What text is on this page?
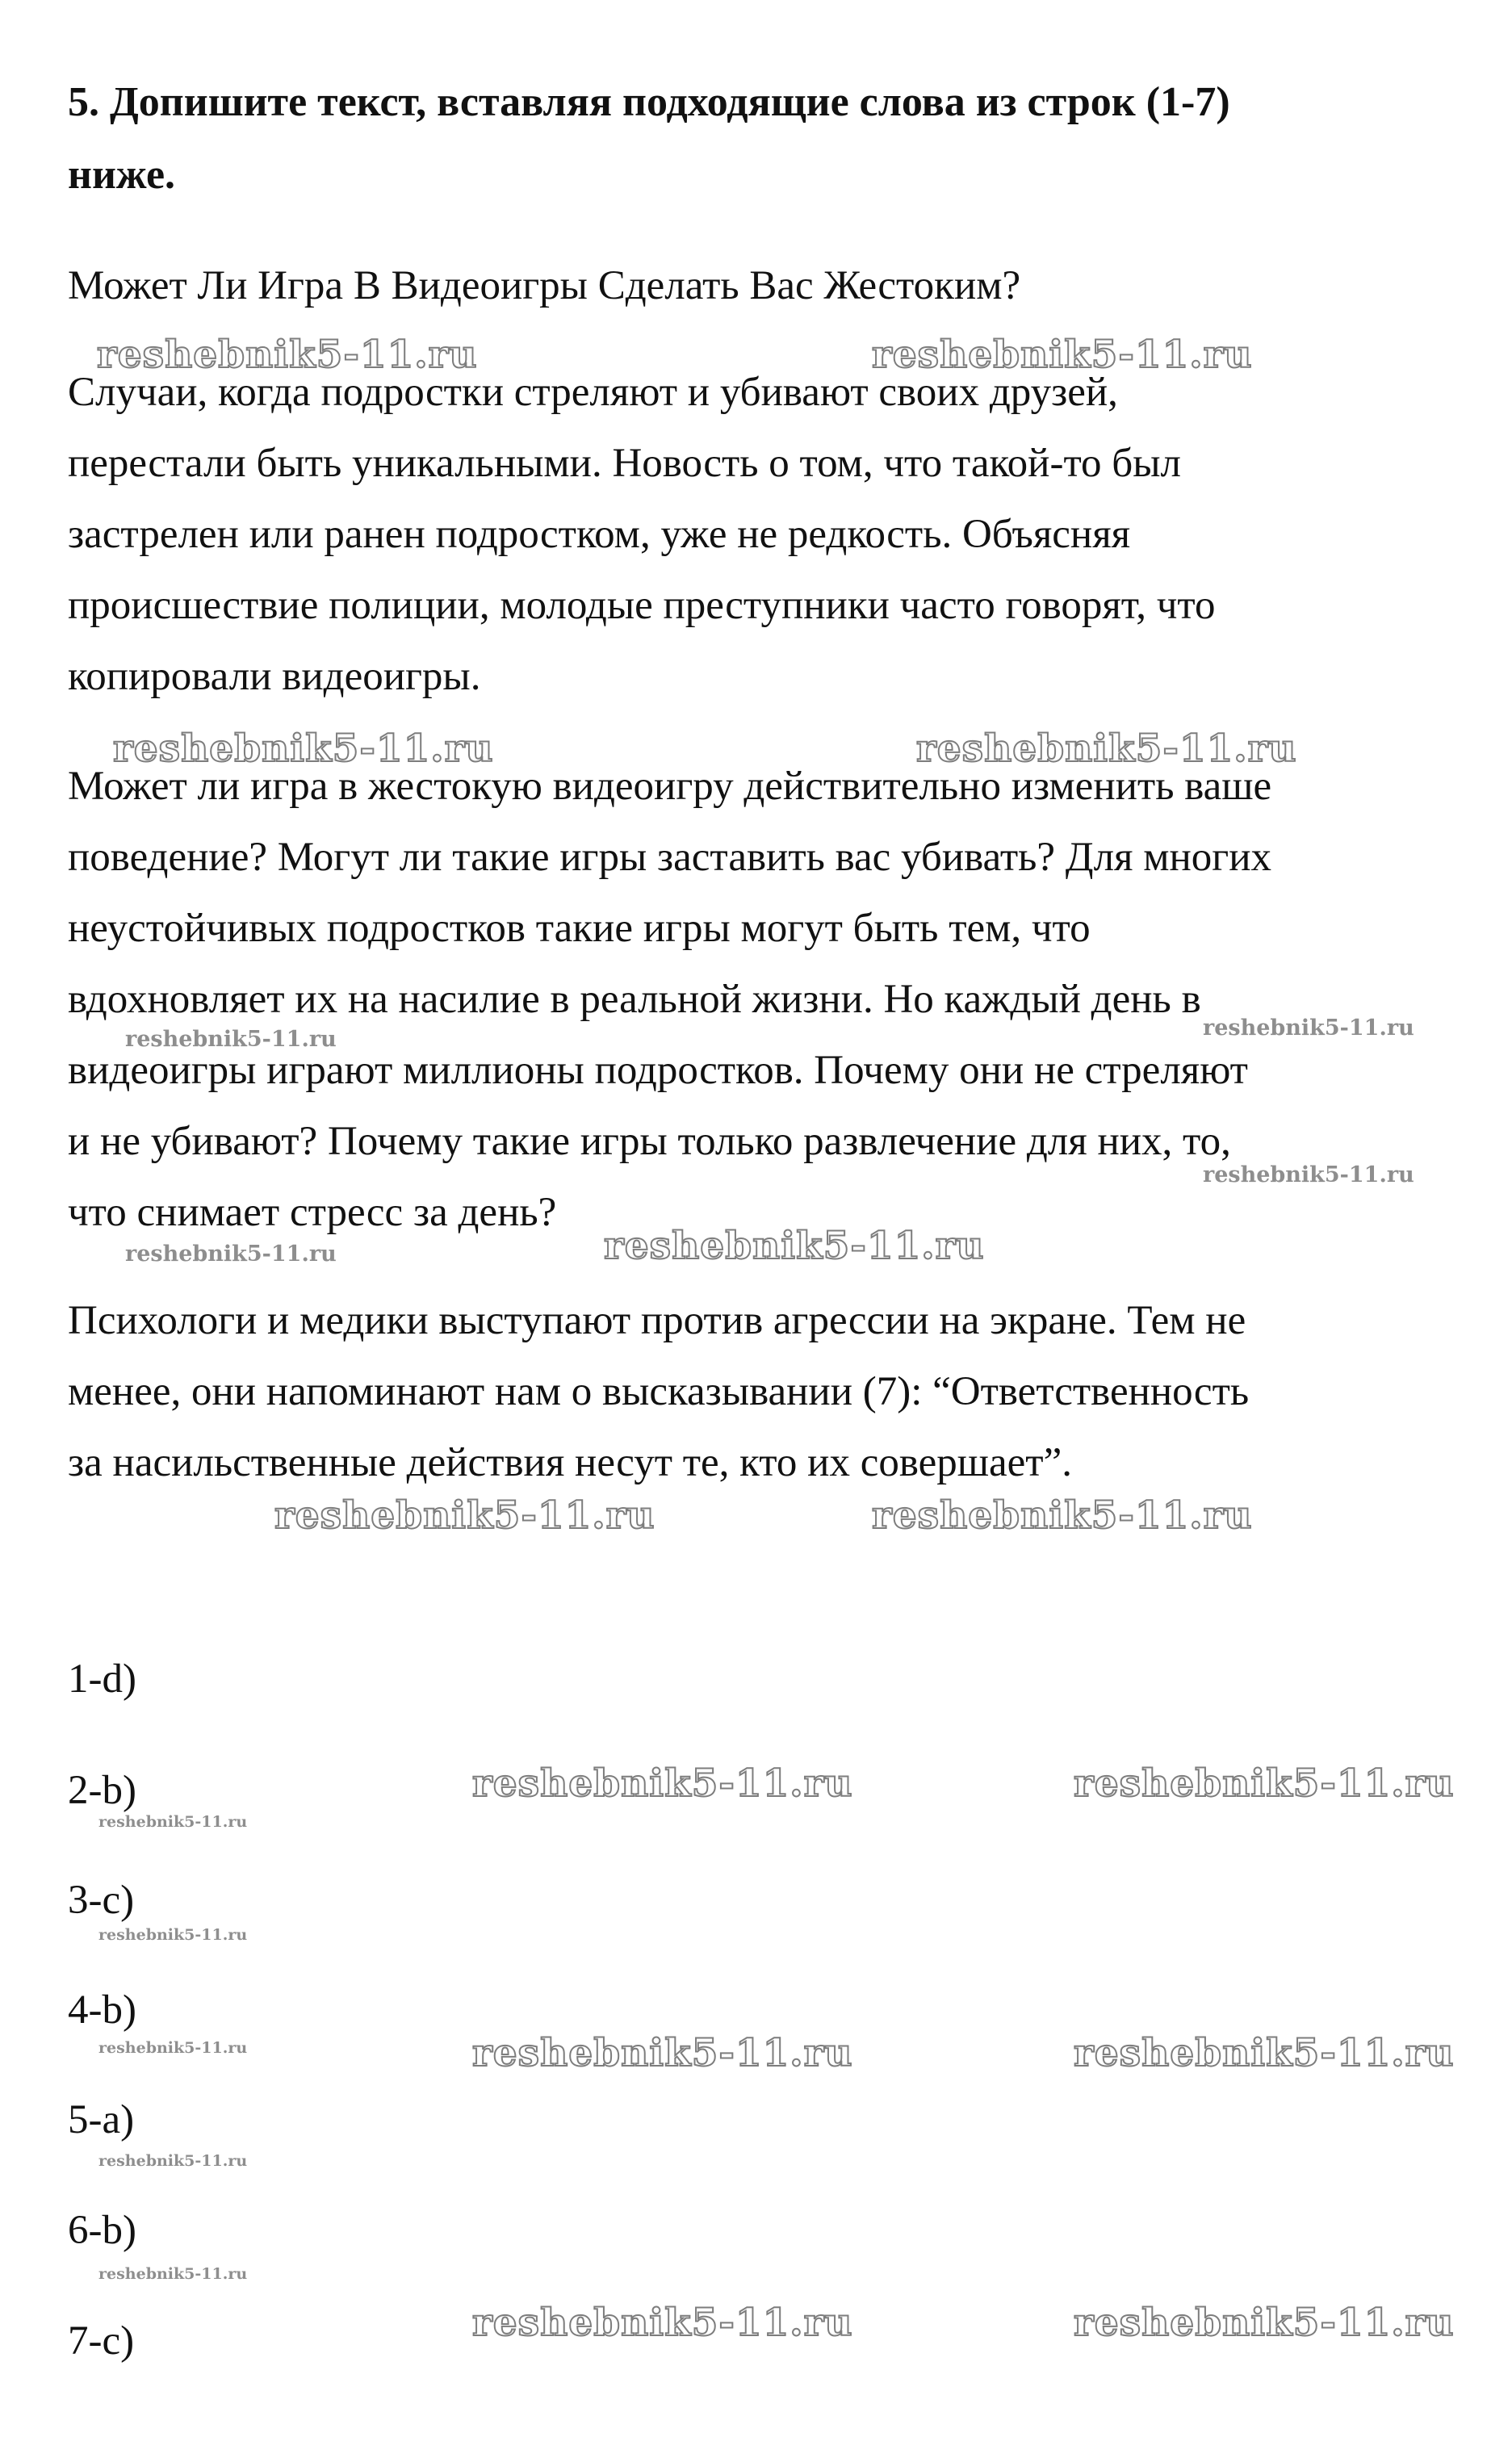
5. Допишите текст, вставляя подходящие слова из строк (1-7)
ниже.

Может Ли Игра В Видеоигры Сделать Вас Жестоким?

Случаи, когда подростки стреляют и убивают своих друзей,
перестали быть уникальными. Новость о том, что такой-то был
застрелен или ранен подростком, уже не редкость. Объясняя
происшествие полиции, молодые преступники часто говорят, что
копировали видеоигры.
Может ли игра в жестокую видеоигру действительно изменить ваше
поведение? Могут ли такие игры заставить вас убивать? Для многих
неустойчивых подростков такие игры могут быть тем, что
вдохновляет их на насилие в реальной жизни. Но каждый день в
видеоигры играют миллионы подростков. Почему они не стреляют
и не убивают? Почему такие игры только развлечение для них, то,
что снимает стресс за день?
Психологи и медики выступают против агрессии на экране. Тем не
менее, они напоминают нам о высказывании (7): “Ответственность
за насильственные действия несут те, кто их совершает”.

1-d)

2-b)

3-c)

4-b)

5-a)

6-b)

7-c)

reshebnik5-11.ru	reshebnik5-11.ru
reshebnik5-11.ru	reshebnik5-11.ru
reshebnik5-11.ru	reshebnik5-11.ru
reshebnik5-11.ru
reshebnik5-11.ru	reshebnik5-11.ru
reshebnik5-11.ru	reshebnik5-11.ru
reshebnik5-11.ru	reshebnik5-11.ru
reshebnik5-11.ru
reshebnik5-11.ru
reshebnik5-11.ru	reshebnik5-11.ru	reshebnik5-11.ru
reshebnik5-11.ru
reshebnik5-11.ru
reshebnik5-11.ru	reshebnik5-11.ru
